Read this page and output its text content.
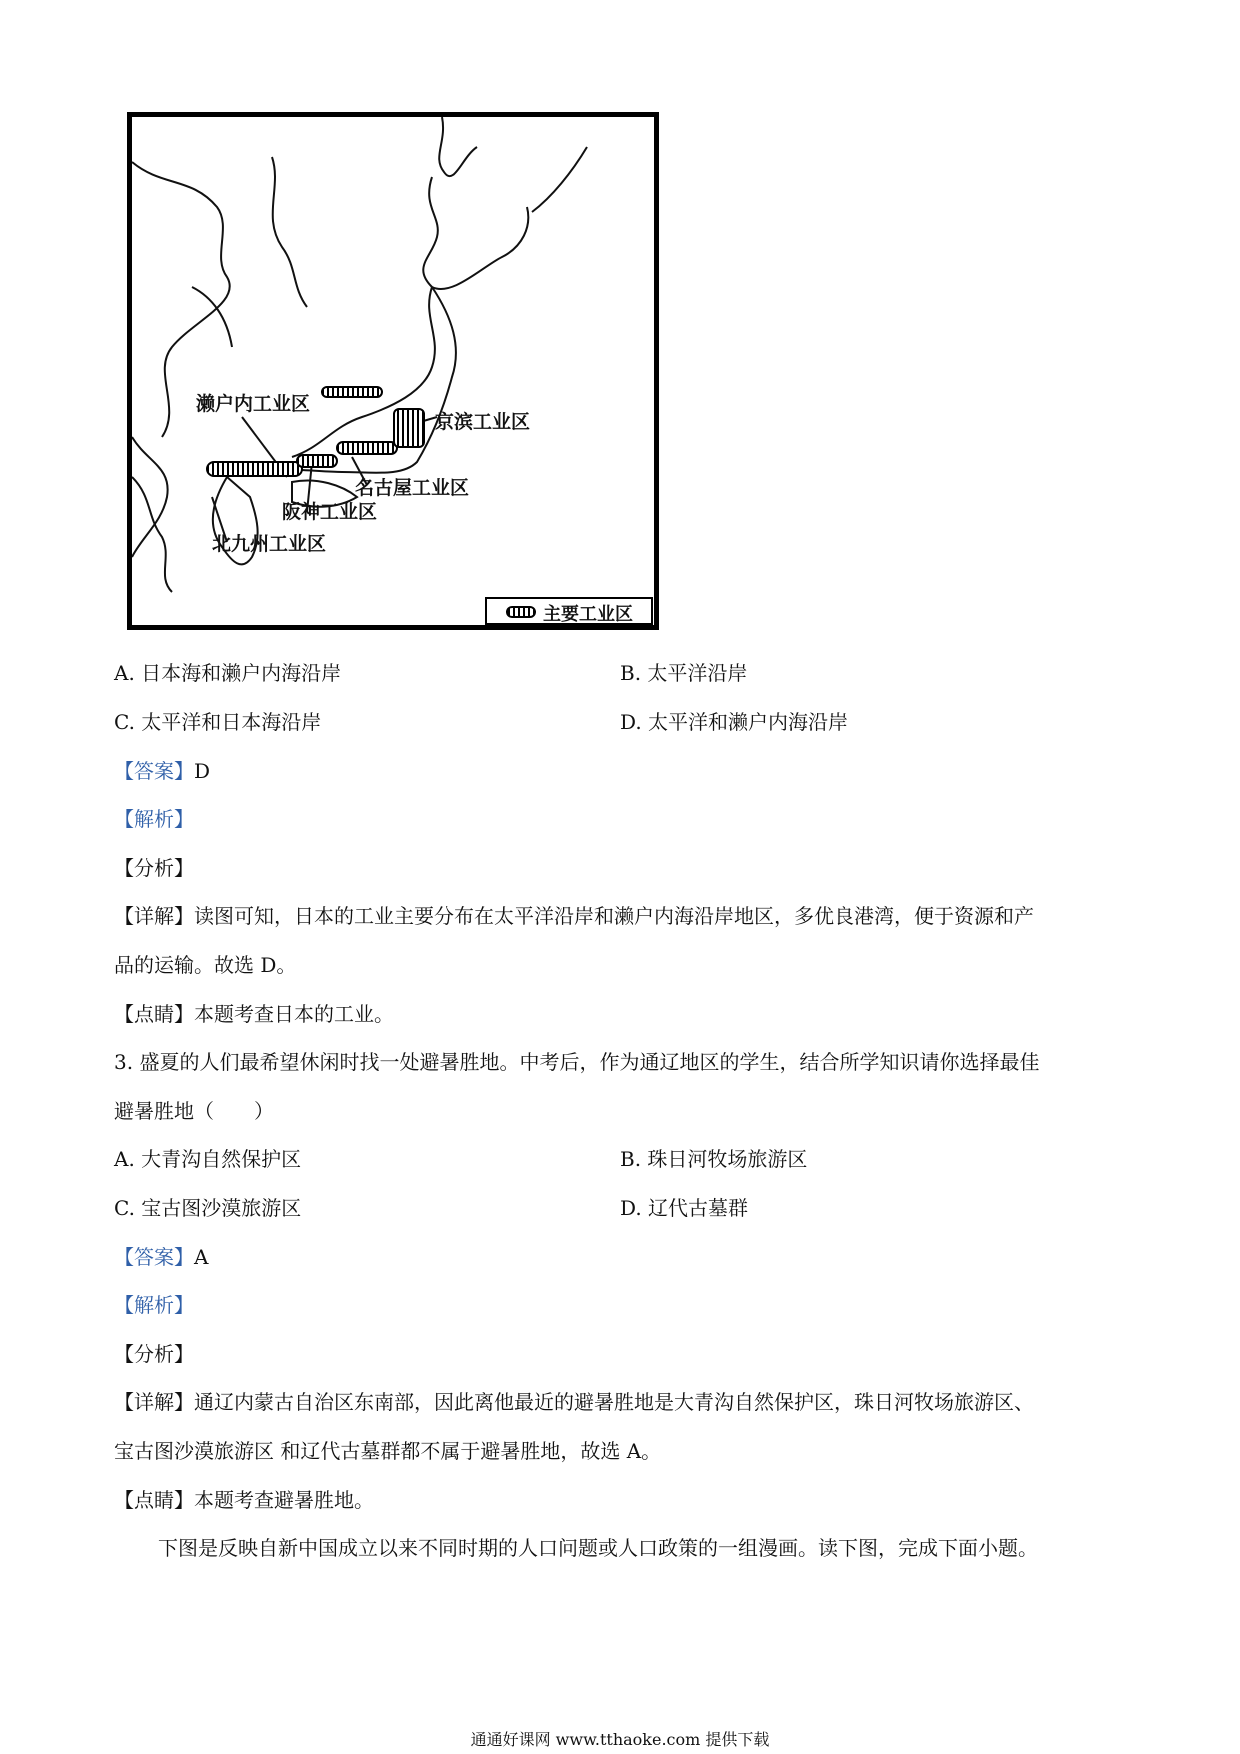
濑户内工业区
京滨工业区
名古屋工业区
阪神工业区
北九州工业区
主要工业区
A. 日本海和濑户内海沿岸	B. 太平洋沿岸
C. 太平洋和日本海沿岸	D. 太平洋和濑户内海沿岸
【答案】D
【解析】
【分析】
【详解】读图可知，日本的工业主要分布在太平洋沿岸和濑户内海沿岸地区，多优良港湾，便于资源和产
品的运输。故选 D。
【点睛】本题考查日本的工业。
3. 盛夏的人们最希望休闲时找一处避暑胜地。中考后，作为通辽地区的学生，结合所学知识请你选择最佳
避暑胜地（　　）
A. 大青沟自然保护区	B. 珠日河牧场旅游区
C. 宝古图沙漠旅游区	D. 辽代古墓群
【答案】A
【解析】
【分析】
【详解】通辽内蒙古自治区东南部，因此离他最近的避暑胜地是大青沟自然保护区，珠日河牧场旅游区、
宝古图沙漠旅游区 和辽代古墓群都不属于避暑胜地，故选 A。
【点睛】本题考查避暑胜地。
下图是反映自新中国成立以来不同时期的人口问题或人口政策的一组漫画。读下图，完成下面小题。
通通好课网 www.tthaoke.com 提供下载
